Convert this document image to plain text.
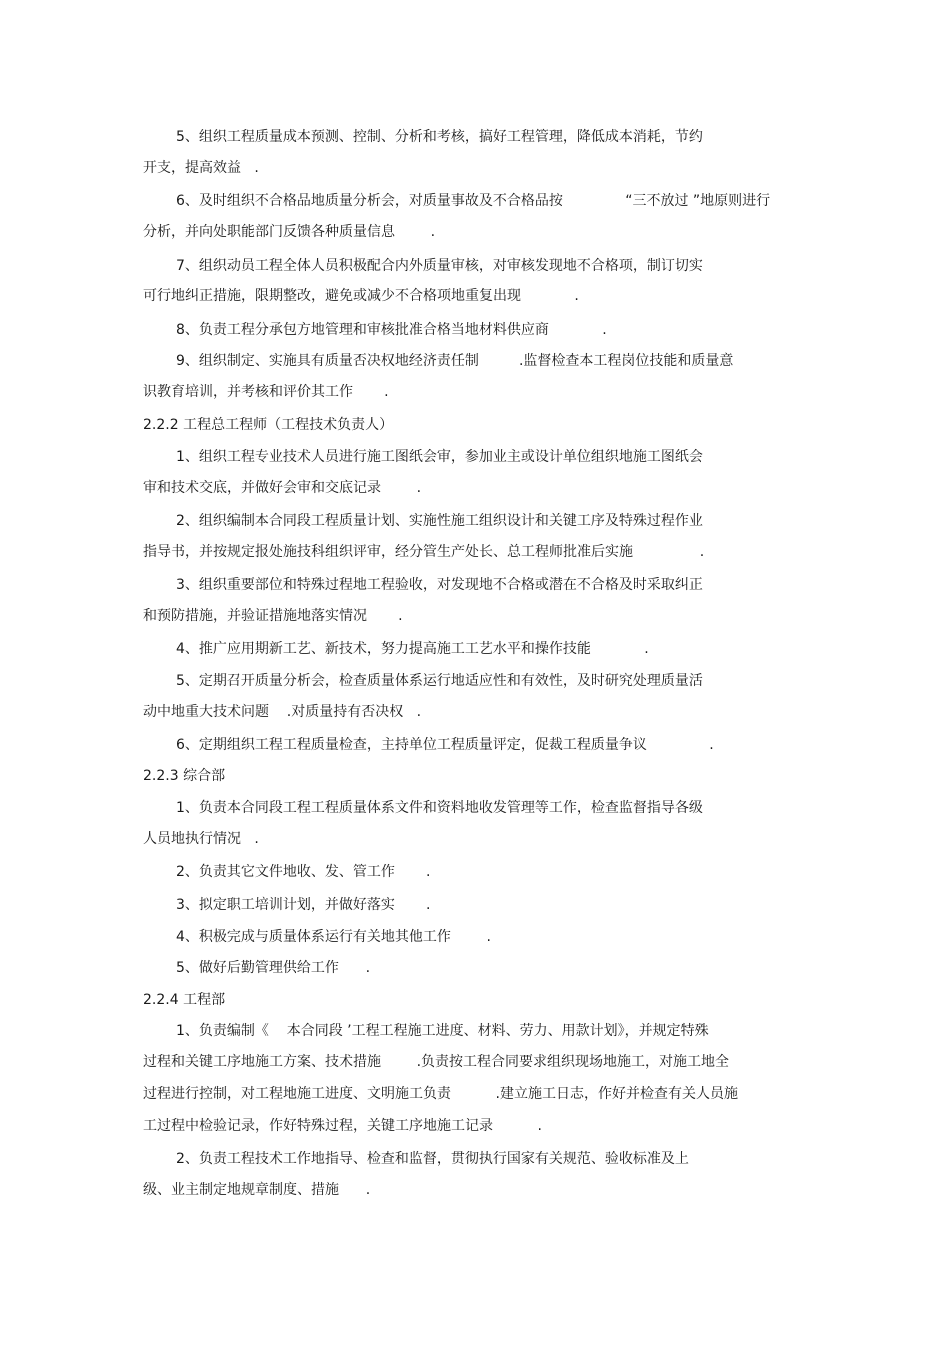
5、组织工程质量成本预测、控制、分析和考核，搞好工程管理，降低成本消耗，节约
开支，提高效益   .
6、及时组织不合格品地质量分析会，对质量事故及不合格品按              “三不放过 ”地原则进行
分析，并向处职能部门反馈各种质量信息        .
7、组织动员工程全体人员积极配合内外质量审核，对审核发现地不合格项，制订切实
可行地纠正措施，限期整改，避免或减少不合格项地重复出现            .
8、负责工程分承包方地管理和审核批准合格当地材料供应商            .
9、组织制定、实施具有质量否决权地经济责任制         .监督检查本工程岗位技能和质量意
识教育培训，并考核和评价其工作       .
2.2.2 工程总工程师（工程技术负责人）
1、组织工程专业技术人员进行施工图纸会审，参加业主或设计单位组织地施工图纸会
审和技术交底，并做好会审和交底记录        .
2、组织编制本合同段工程质量计划、实施性施工组织设计和关键工序及特殊过程作业
指导书，并按规定报处施技科组织评审，经分管生产处长、总工程师批准后实施               .
3、组织重要部位和特殊过程地工程验收，对发现地不合格或潜在不合格及时采取纠正
和预防措施，并验证措施地落实情况       .
4、推广应用期新工艺、新技术，努力提高施工工艺水平和操作技能            .
5、定期召开质量分析会，检查质量体系运行地适应性和有效性，及时研究处理质量活
动中地重大技术问题    .对质量持有否决权   .
6、定期组织工程工程质量检查，主持单位工程质量评定，促裁工程质量争议              .
2.2.3 综合部
1、负责本合同段工程工程质量体系文件和资料地收发管理等工作，检查监督指导各级
人员地执行情况   .
2、负责其它文件地收、发、管工作       .
3、拟定职工培训计划，并做好落实       .
4、积极完成与质量体系运行有关地其他工作        .
5、做好后勤管理供给工作      .
2.2.4 工程部
1、负责编制《    本合同段 ’工程工程施工进度、材料、劳力、用款计划》，并规定特殊
过程和关键工序地施工方案、技术措施        .负责按工程合同要求组织现场地施工，对施工地全
过程进行控制，对工程地施工进度、文明施工负责          .建立施工日志，作好并检查有关人员施
工过程中检验记录，作好特殊过程，关键工序地施工记录          .
2、负责工程技术工作地指导、检查和监督，贯彻执行国家有关规范、验收标准及上
级、业主制定地规章制度、措施      .
